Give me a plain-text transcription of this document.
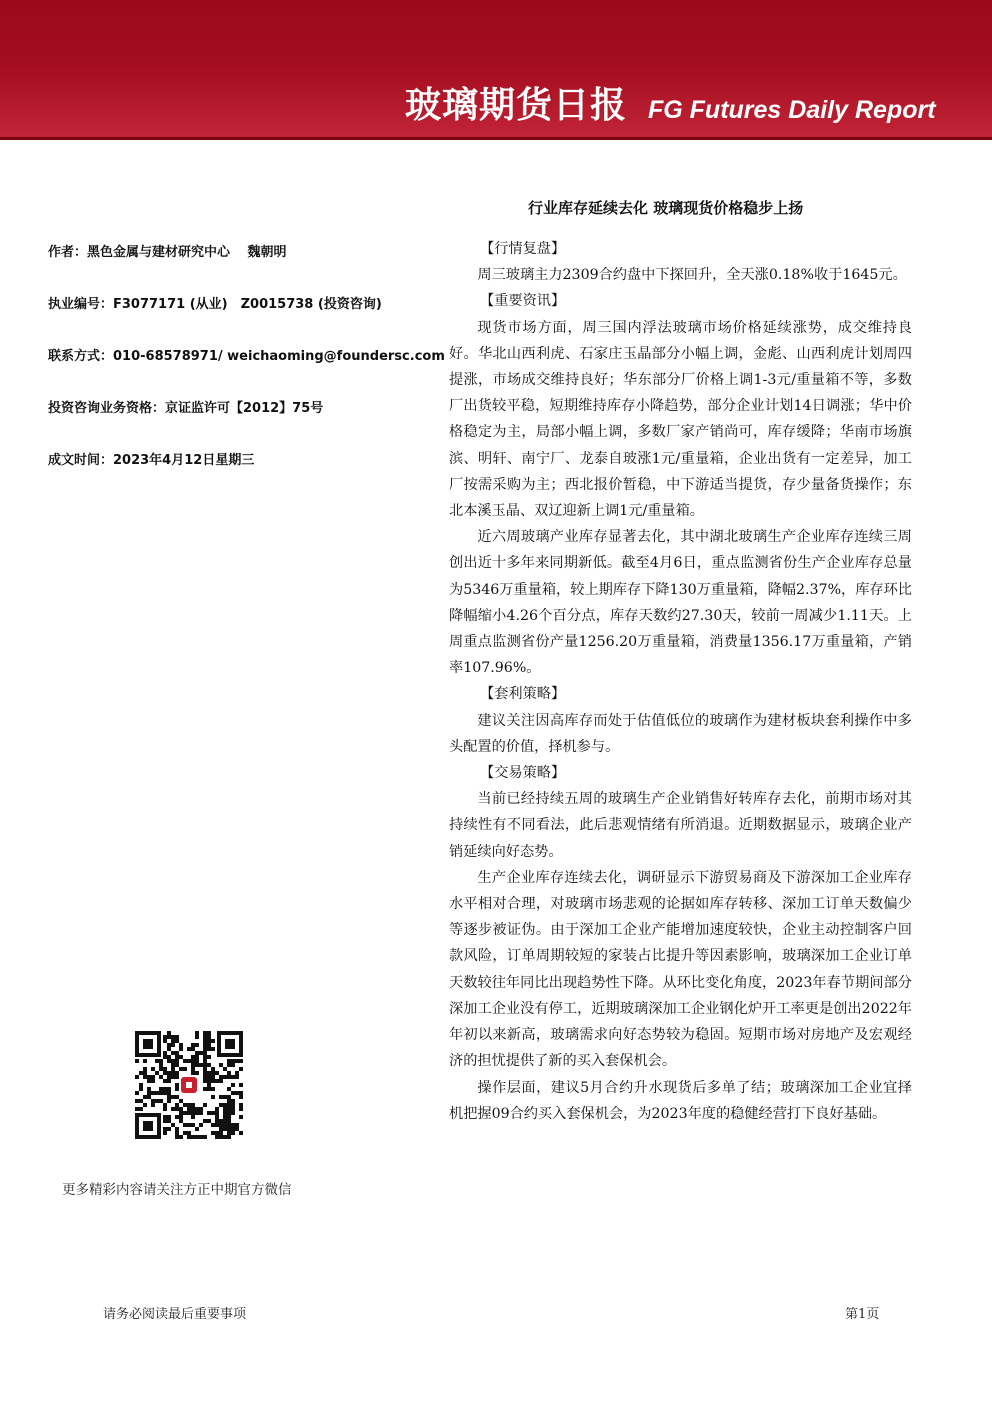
玻璃期货日报 FG Futures Daily Report
行业库存延续去化 玻璃现货价格稳步上扬
作者：黑色金属与建材研究中心　 魏朝明
执业编号：F3077171 (从业)　Z0015738 (投资咨询)
联系方式：010-68578971/ weichaoming@foundersc.com
投资咨询业务资格：京证监许可【2012】75号
成文时间：2023年4月12日星期三
更多精彩内容请关注方正中期官方微信

【行情复盘】

周三玻璃主力2309合约盘中下探回升，全天涨0.18%收于1645元。

【重要资讯】

现货市场方面，周三国内浮法玻璃市场价格延续涨势，成交维持良好。华北山西利虎、石家庄玉晶部分小幅上调，金彪、山西利虎计划周四提涨，市场成交维持良好；华东部分厂价格上调1-3元/重量箱不等，多数厂出货较平稳，短期维持库存小降趋势，部分企业计划14日调涨；华中价格稳定为主，局部小幅上调，多数厂家产销尚可，库存缓降；华南市场旗滨、明轩、南宁厂、龙泰自玻涨1元/重量箱，企业出货有一定差异，加工厂按需采购为主；西北报价暂稳，中下游适当提货，存少量备货操作；东北本溪玉晶、双辽迎新上调1元/重量箱。

近六周玻璃产业库存显著去化，其中湖北玻璃生产企业库存连续三周创出近十多年来同期新低。截至4月6日，重点监测省份生产企业库存总量为5346万重量箱，较上期库存下降130万重量箱，降幅2.37%，库存环比降幅缩小4.26个百分点，库存天数约27.30天，较前一周减少1.11天。上周重点监测省份产量1256.20万重量箱，消费量1356.17万重量箱，产销率107.96%。

【套利策略】

建议关注因高库存而处于估值低位的玻璃作为建材板块套利操作中多头配置的价值，择机参与。

【交易策略】

当前已经持续五周的玻璃生产企业销售好转库存去化，前期市场对其持续性有不同看法，此后悲观情绪有所消退。近期数据显示，玻璃企业产销延续向好态势。

生产企业库存连续去化，调研显示下游贸易商及下游深加工企业库存水平相对合理，对玻璃市场悲观的论据如库存转移、深加工订单天数偏少等逐步被证伪。由于深加工企业产能增加速度较快，企业主动控制客户回款风险，订单周期较短的家装占比提升等因素影响，玻璃深加工企业订单天数较往年同比出现趋势性下降。从环比变化角度，2023年春节期间部分深加工企业没有停工，近期玻璃深加工企业钢化炉开工率更是创出2022年年初以来新高，玻璃需求向好态势较为稳固。短期市场对房地产及宏观经济的担忧提供了新的买入套保机会。

操作层面，建议5月合约升水现货后多单了结；玻璃深加工企业宜择机把握09合约买入套保机会，为2023年度的稳健经营打下良好基础。

请务必阅读最后重要事项	第1页
